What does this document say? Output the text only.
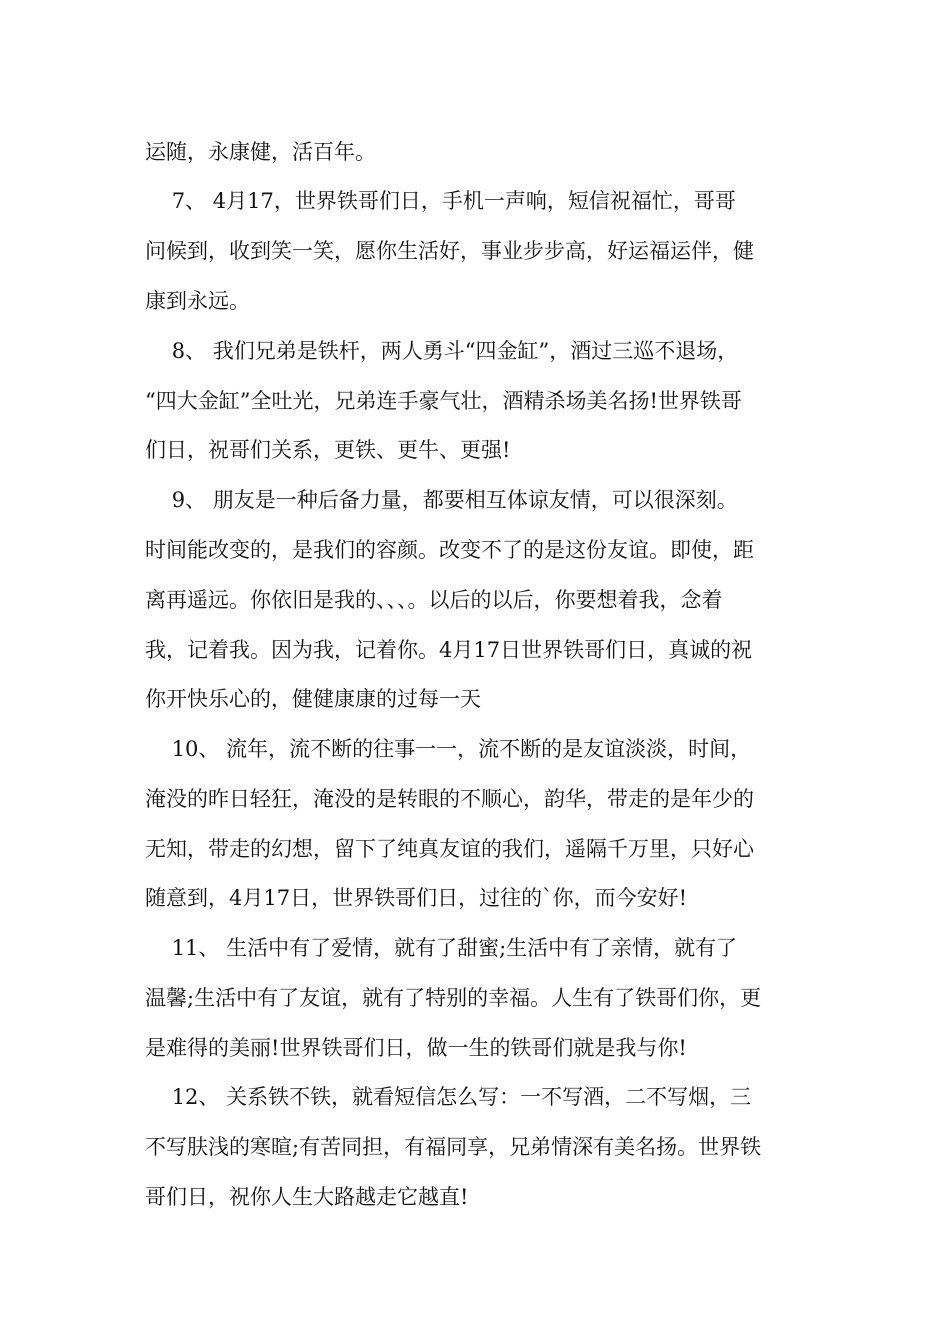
运随，永康健，活百年。

7、 4月17，世界铁哥们日，手机一声响，短信祝福忙，哥哥

问候到，收到笑一笑，愿你生活好，事业步步高，好运福运伴，健

康到永远。

8、 我们兄弟是铁杆，两人勇斗“四金缸”，酒过三巡不退场，

“四大金缸”全吐光，兄弟连手豪气壮，酒精杀场美名扬!世界铁哥

们日，祝哥们关系，更铁、更牛、更强!

9、 朋友是一种后备力量，都要相互体谅友情，可以很深刻。

时间能改变的，是我们的容颜。改变不了的是这份友谊。即使，距

离再遥远。你依旧是我的、、、。以后的以后，你要想着我，念着

我，记着我。因为我，记着你。4月17日世界铁哥们日，真诚的祝

你开快乐心的，健健康康的过每一天

10、 流年，流不断的往事一一，流不断的是友谊淡淡，时间，

淹没的昨日轻狂，淹没的是转眼的不顺心，韵华，带走的是年少的

无知，带走的幻想，留下了纯真友谊的我们，遥隔千万里，只好心

随意到，4月17日，世界铁哥们日，过往的`你，而今安好!

11、 生活中有了爱情，就有了甜蜜;生活中有了亲情，就有了

温馨;生活中有了友谊，就有了特别的幸福。人生有了铁哥们你，更

是难得的美丽!世界铁哥们日，做一生的铁哥们就是我与你!

12、 关系铁不铁，就看短信怎么写：一不写酒，二不写烟，三

不写肤浅的寒暄;有苦同担，有福同享，兄弟情深有美名扬。世界铁

哥们日，祝你人生大路越走它越直!
